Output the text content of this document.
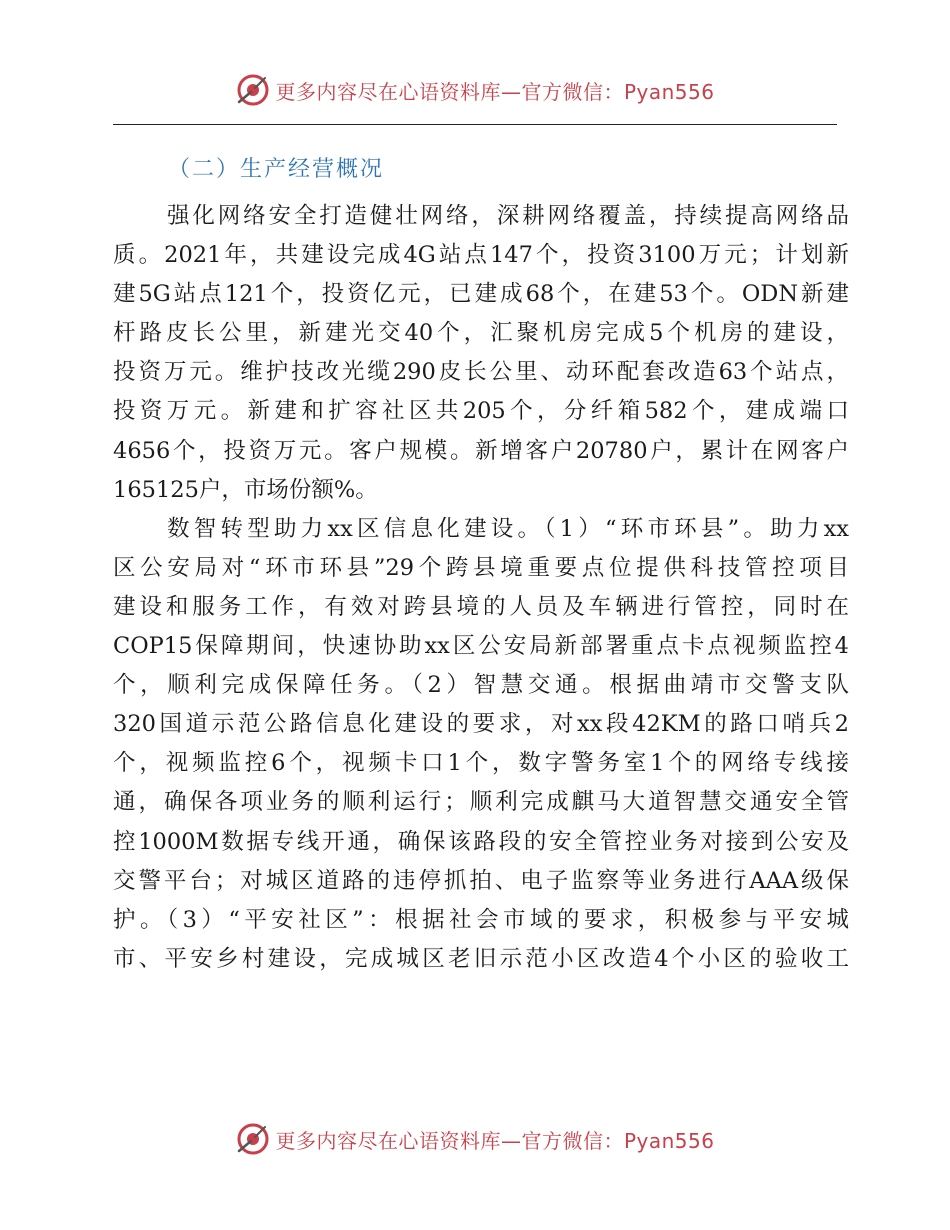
更多内容尽在心语资料库—官方微信：Pyan556
（二）生产经营概况
强化网络安全打造健壮网络，深耕网络覆盖，持续提高网络品
质。2021年，共建设完成4G站点147个，投资3100万元；计划新
建5G站点121个，投资亿元，已建成68个，在建53个。ODN新建
杆路皮长公里，新建光交40个，汇聚机房完成5个机房的建设，
投资万元。维护技改光缆290皮长公里、动环配套改造63个站点，
投资万元。新建和扩容社区共205个，分纤箱582个，建成端口
4656个，投资万元。客户规模。新增客户20780户，累计在网客户
165125户，市场份额%。
数智转型助力xx区信息化建设。（1）“环市环县”。助力xx
区公安局对“环市环县”29个跨县境重要点位提供科技管控项目
建设和服务工作，有效对跨县境的人员及车辆进行管控，同时在
COP15保障期间，快速协助xx区公安局新部署重点卡点视频监控4
个，顺利完成保障任务。（2）智慧交通。根据曲靖市交警支队
320国道示范公路信息化建设的要求，对xx段42KM的路口哨兵2
个，视频监控6个，视频卡口1个，数字警务室1个的网络专线接
通，确保各项业务的顺利运行；顺利完成麒马大道智慧交通安全管
控1000M数据专线开通，确保该路段的安全管控业务对接到公安及
交警平台；对城区道路的违停抓拍、电子监察等业务进行AAA级保
护。（3）“平安社区”：根据社会市域的要求，积极参与平安城
市、平安乡村建设，完成城区老旧示范小区改造4个小区的验收工
更多内容尽在心语资料库—官方微信：Pyan556
